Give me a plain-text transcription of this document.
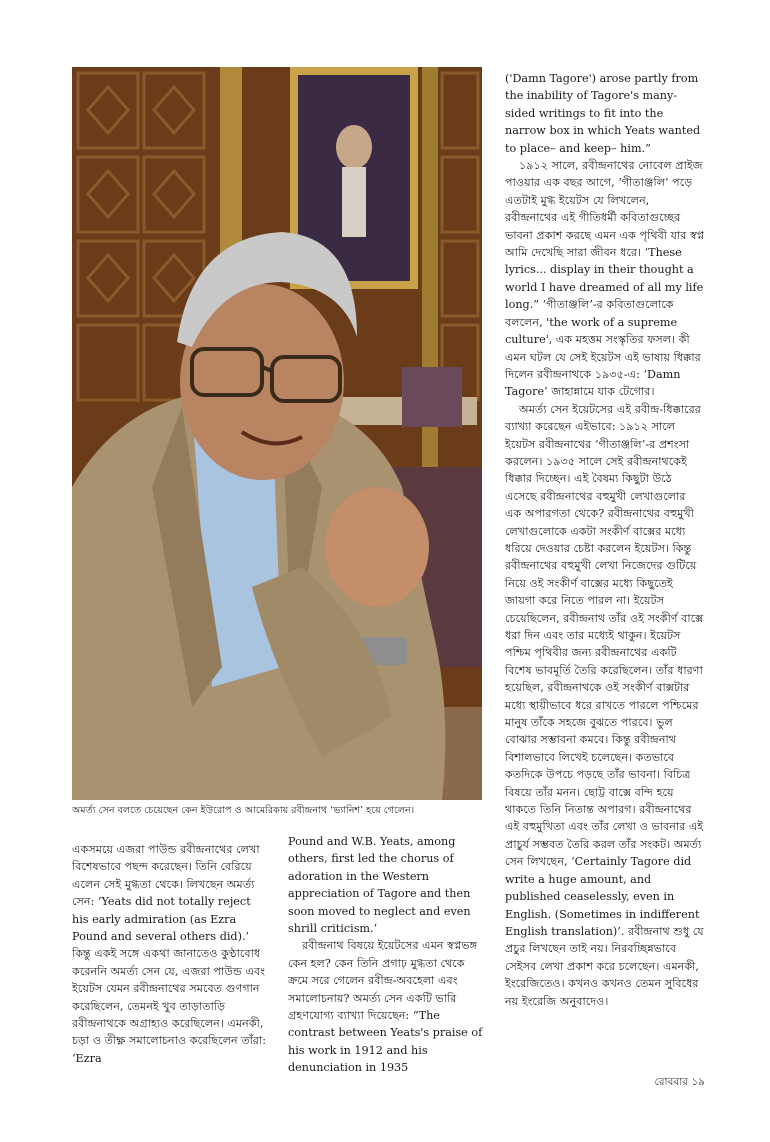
অমর্ত্য সেন বলতে চেয়েছেন কেন ইউরোপ ও আমেরিকায় রবীন্দ্রনাথ ‘ভ্যানিশ’ হয়ে গেলেন।

('Damn Tagore') arose partly from the inability of Tagore's many-sided writings to fit into the narrow box in which Yeats wanted to place– and keep– him.”

১৯১২ সালে, রবীন্দ্রনাথের নোবেল প্রাইজ পাওয়ার এক বছর আগে, ‘গীতাঞ্জলি’ পড়ে এতটাই মুগ্ধ ইয়েটস যে লিখলেন, রবীন্দ্রনাথের এই গীতিধর্মী কবিতাগুচ্ছের ভাবনা প্রকাশ করছে এমন এক পৃথিবী যার স্বপ্ন আমি দেখেছি সারা জীবন ধরে। ‘These lyrics... display in their thought a world I have dreamed of all my life long.” ‘গীতাঞ্জলি’-র কবিতাগুলোকে বললেন, 'the work of a supreme culture', এক মহত্তম সংস্কৃতির ফসল। কী এমন ঘটল যে সেই ইয়েটস এই ভাষায় ধিক্কার দিলেন রবীন্দ্রনাথকে ১৯৩৫-এ: ‘Damn Tagore’ জাহান্নামে যাক টেগোর।

অমর্ত্য সেন ইয়েটসের এই রবীন্দ্র-ধিক্কারের ব্যাখ্যা করেছেন এইভাবে: ১৯১২ সালে ইয়েটস রবীন্দ্রনাথের ‘গীতাঞ্জলি’-র প্রশংসা করলেন। ১৯৩৫ সালে সেই রবীন্দ্রনাথকেই ধিক্কার দিচ্ছেন। এই বৈষম্য কিছুটা উঠে এসেছে রবীন্দ্রনাথের বহুমুখী লেখাগুলোর এক অপারগতা থেকে? রবীন্দ্রনাথের বহুমুখী লেখাগুলোকে একটা সংকীর্ণ বাক্সের মধ্যে ধরিয়ে দেওয়ার চেষ্টা করলেন ইয়েটস। কিন্তু রবীন্দ্রনাথের বহুমুখী লেখা নিজেদের গুটিয়ে নিয়ে ওই সংকীর্ণ বাক্সের মধ্যে কিছুতেই জায়গা করে নিতে পারল না। ইয়েটস চেয়েছিলেন, রবীন্দ্রনাথ তাঁর ওই সংকীর্ণ বাক্সে ধরা দিন এবং তার মধ্যেই থাকুন। ইয়েটস পশ্চিম পৃথিবীর জন্য রবীন্দ্রনাথের একটি বিশেষ ভাবমূর্তি তৈরি করেছিলেন। তাঁর ধারণা হয়েছিল, রবীন্দ্রনাথকে ওই সংকীর্ণ বাক্সটার মধ্যে স্থায়ীভাবে ধরে রাখতে পারলে পশ্চিমের মানুষ তাঁকে সহজে বুঝতে পারবে। ভুল বোঝার সম্ভাবনা কমবে। কিন্তু রবীন্দ্রনাথ বিশালভাবে লিখেই চলেছেন। কতভাবে কতদিকে উপচে পড়ছে তাঁর ভাবনা। বিচিত্র বিষয়ে তাঁর মনন। ছোট্ট বাক্সে বন্দি হয়ে থাকতে তিনি নিতান্ত অপারগ। রবীন্দ্রনাথের এই বহুমুখিতা এবং তাঁর লেখা ও ভাবনার এই প্রাচুর্য সম্ভবত তৈরি করল তাঁর সংকট। অমর্ত্য সেন লিখছেন, ‘Certainly Tagore did write a huge amount, and published ceaselessly, even in English. (Sometimes in indifferent English translation)’. রবীন্দ্রনাথ শুধু যে প্রচুর লিখছেন তাই নয়। নিরবচ্ছিন্নভাবে সেইসব লেখা প্রকাশ করে চলেছেন। এমনকী, ইংরেজিতেও। কখনও কখনও তেমন সুবিধের নয় ইংরেজি অনুবাদেও।

একসময়ে এজরা পাউন্ড রবীন্দ্রনাথের লেখা বিশেষভাবে পছন্দ করেছেন। তিনি বেরিয়ে এলেন সেই মুগ্ধতা থেকে। লিখছেন অমর্ত্য সেন: ‘Yeats did not totally reject his early admiration (as Ezra Pound and several others did).’ কিন্তু একই সঙ্গে একথা জানাতেও কুণ্ঠাবোধ করেননি অমর্ত্য সেন যে, এজরা পাউন্ড এবং ইয়েটস যেমন রবীন্দ্রনাথের সমবেত গুণগান করেছিলেন, তেমনই খুব তাড়াতাড়ি রবীন্দ্রনাথকে অগ্রাহ্যও করেছিলেন। এমনকী, চড়া ও তীক্ষ্ণ সমালোচনাও করেছিলেন তাঁরা: ‘Ezra

Pound and W.B. Yeats, among others, first led the chorus of adoration in the Western appreciation of Tagore and then soon moved to neglect and even shrill criticism.’

রবীন্দ্রনাথ বিষয়ে ইয়েটসের এমন স্বপ্নভঙ্গ কেন হল? কেন তিনি প্রগাঢ় মুগ্ধতা থেকে ক্রমে সরে গেলেন রবীন্দ্র-অবহেলা এবং সমালোচনায়? অমর্ত্য সেন একটি ভারি গ্রহণযোগ্য ব্যাখ্যা দিয়েছেন: “The contrast between Yeats's praise of his work in 1912 and his denunciation in 1935

রোববার ১৯
